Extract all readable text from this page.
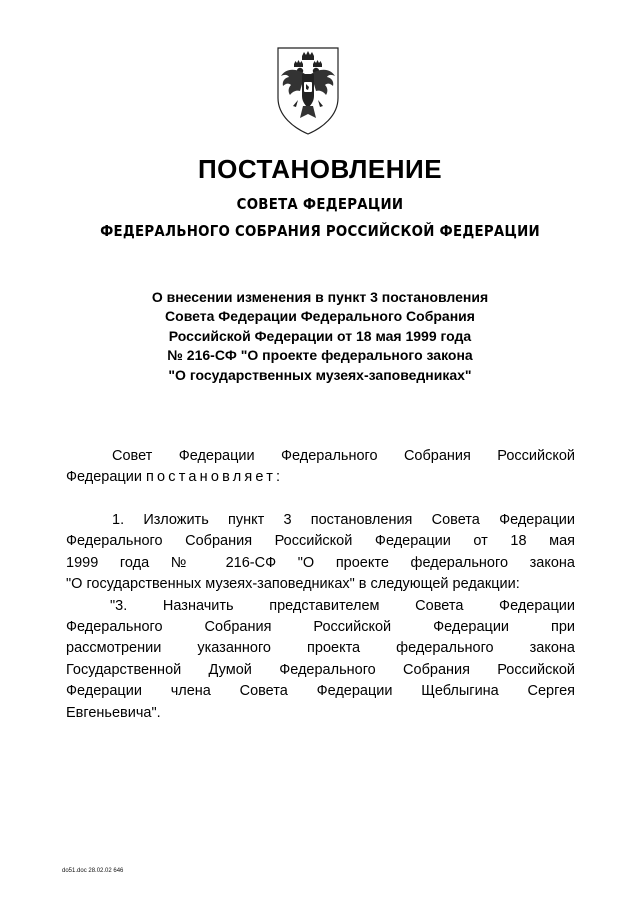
ПОСТАНОВЛЕНИЕ
СОВЕТА ФЕДЕРАЦИИ
ФЕДЕРАЛЬНОГО СОБРАНИЯ РОССИЙСКОЙ ФЕДЕРАЦИИ
О внесении изменения в пункт 3 постановления
Совета Федерации Федерального Собрания
Российской Федерации от 18 мая 1999 года
№ 216-СФ "О проекте федерального закона
"О государственных музеях-заповедниках"
Совет Федерации Федерального Собрания Российской
Федерации постановляет:
1. Изложить пункт 3 постановления Совета Федерации
Федерального Собрания Российской Федерации от 18 мая
1999 года № 216-СФ "О проекте федерального закона
"О государственных музеях-заповедниках" в следующей редакции:
"3. Назначить представителем Совета Федерации
Федерального Собрания Российской Федерации при
рассмотрении указанного проекта федерального закона
Государственной Думой Федерального Собрания Российской
Федерации члена Совета Федерации Щеблыгина Сергея
Евгеньевича".
do51.doc 28.02.02 646
